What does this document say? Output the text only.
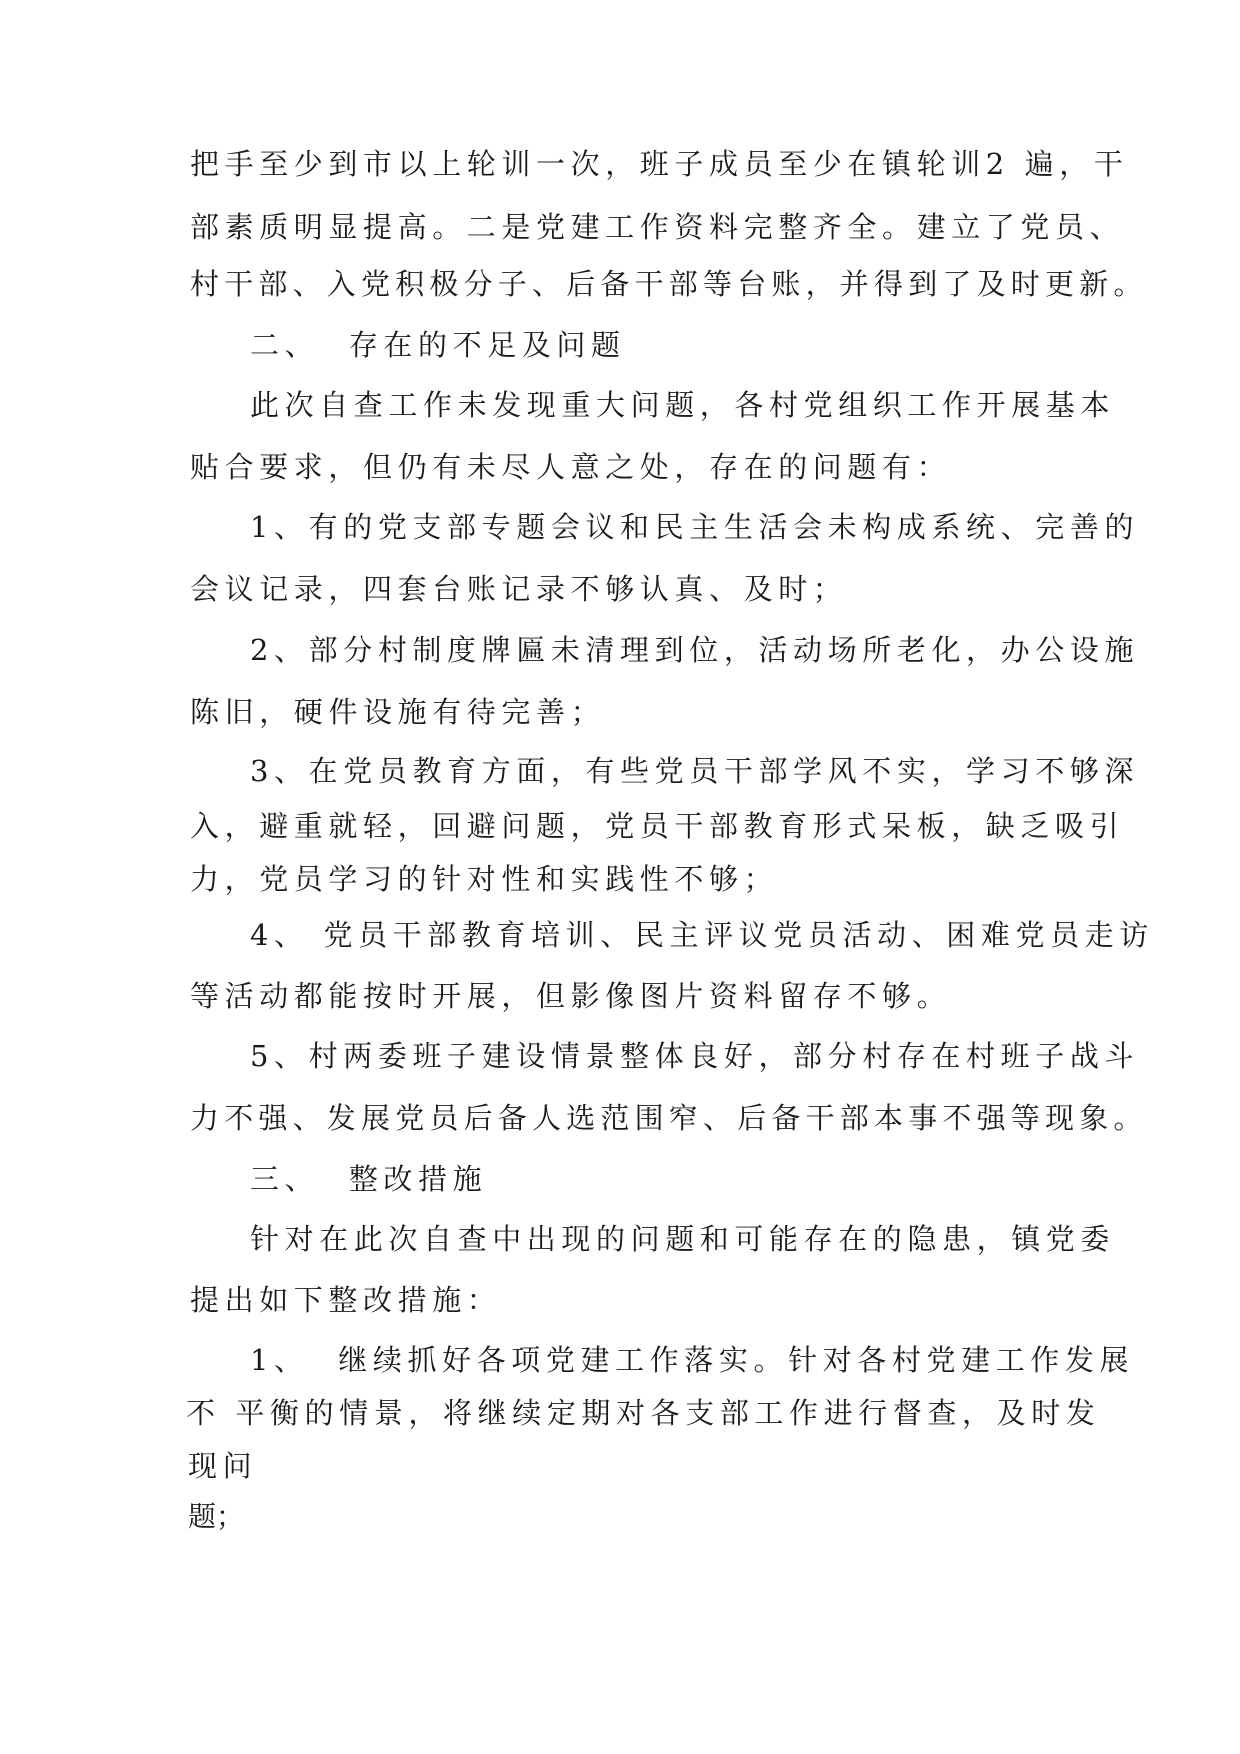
把手至少到市以上轮训一次，班子成员至少在镇轮训2 遍，干

部素质明显提高。二是党建工作资料完整齐全。建立了党员、

村干部、入党积极分子、后备干部等台账，并得到了及时更新。

二、  存在的不足及问题

此次自查工作未发现重大问题，各村党组织工作开展基本

贴合要求，但仍有未尽人意之处，存在的问题有：

1、有的党支部专题会议和民主生活会未构成系统、完善的

会议记录，四套台账记录不够认真、及时；

2、部分村制度牌匾未清理到位，活动场所老化，办公设施

陈旧，硬件设施有待完善；

3、在党员教育方面，有些党员干部学风不实，学习不够深

入，避重就轻，回避问题，党员干部教育形式呆板，缺乏吸引

力，党员学习的针对性和实践性不够；

4、 党员干部教育培训、民主评议党员活动、困难党员走访

等活动都能按时开展，但影像图片资料留存不够。

5、村两委班子建设情景整体良好，部分村存在村班子战斗

力不强、发展党员后备人选范围窄、后备干部本事不强等现象。

三、  整改措施

针对在此次自查中出现的问题和可能存在的隐患，镇党委

提出如下整改措施：

1、  继续抓好各项党建工作落实。针对各村党建工作发展

不 平衡的情景，将继续定期对各支部工作进行督查，及时发

现问

题；
